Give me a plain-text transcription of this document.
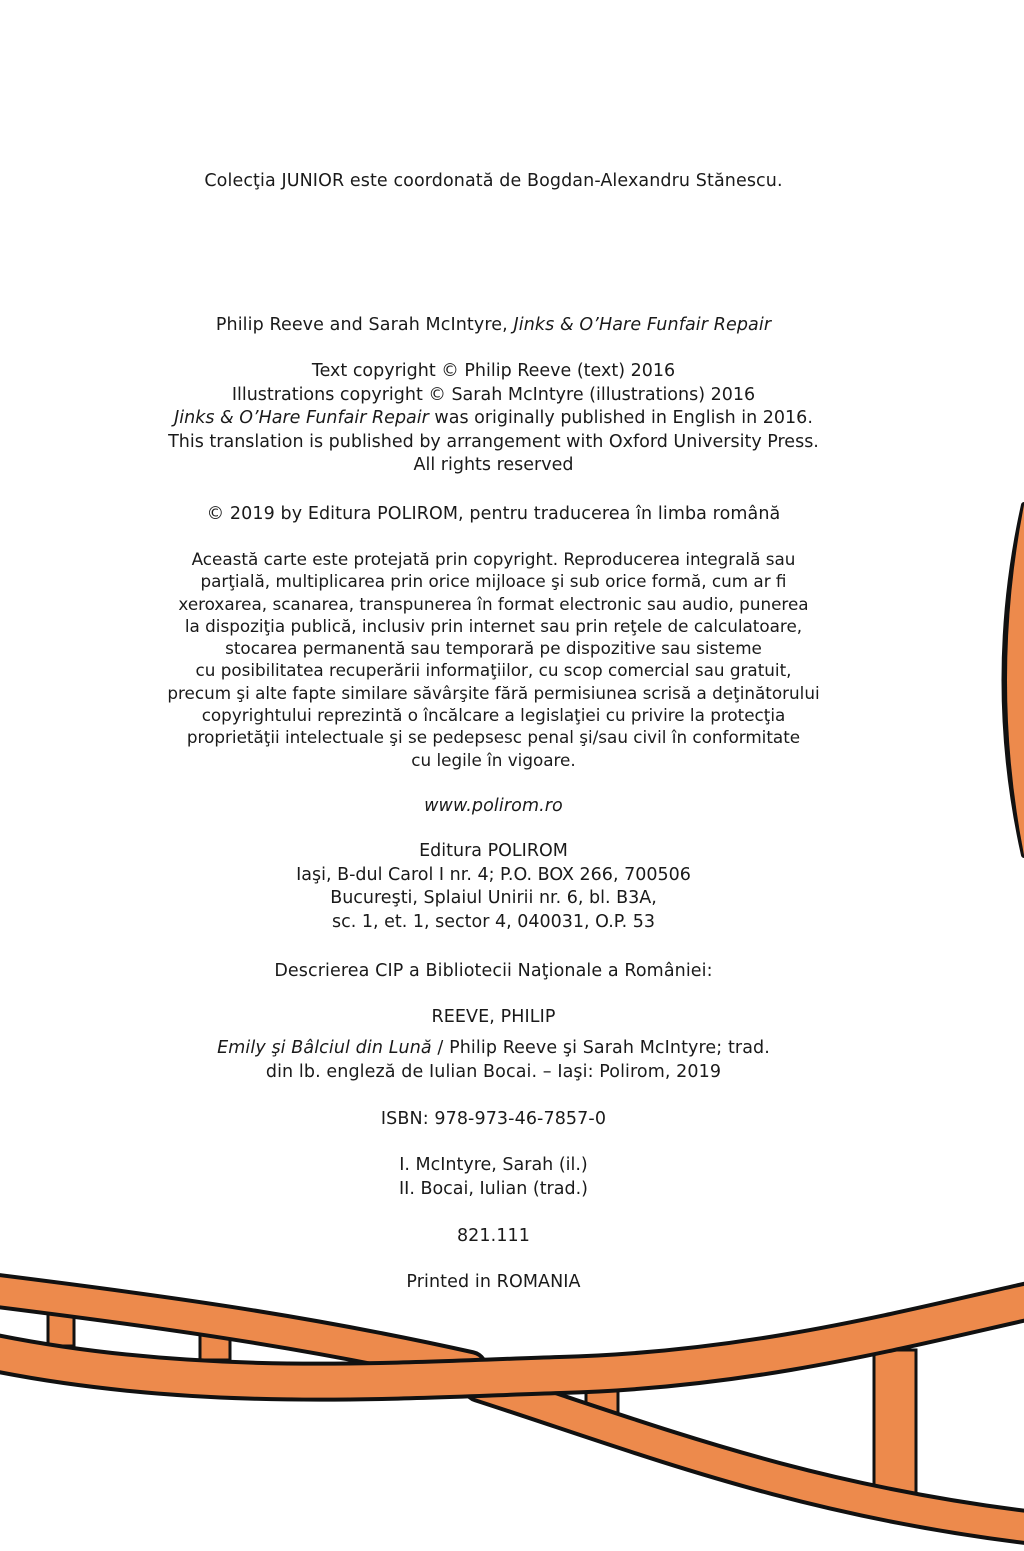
Colecţia JUNIOR este coordonată de Bogdan-Alexandru Stănescu.
Philip Reeve and Sarah McIntyre, Jinks & O’Hare Funfair Repair
Text copyright © Philip Reeve (text) 2016
Illustrations copyright © Sarah McIntyre (illustrations) 2016
Jinks & O’Hare Funfair Repair was originally published in English in 2016.
This translation is published by arrangement with Oxford University Press.
All rights reserved
© 2019 by Editura POLIROM, pentru traducerea în limba română
Această carte este protejată prin copyright. Reproducerea integrală sau
parţială, multiplicarea prin orice mijloace şi sub orice formă, cum ar fi
xeroxarea, scanarea, transpunerea în format electronic sau audio, punerea
la dispoziţia publică, inclusiv prin internet sau prin reţele de calculatoare,
stocarea permanentă sau temporară pe dispozitive sau sisteme
cu posibilitatea recuperării informaţiilor, cu scop comercial sau gratuit,
precum şi alte fapte similare săvârşite fără permisiunea scrisă a deţinătorului
copyrightului reprezintă o încălcare a legislaţiei cu privire la protecţia
proprietăţii intelectuale şi se pedepsesc penal şi/sau civil în conformitate
cu legile în vigoare.
www.polirom.ro
Editura POLIROM
Iaşi, B-dul Carol I nr. 4; P.O. BOX 266, 700506
Bucureşti, Splaiul Unirii nr. 6, bl. B3A,
sc. 1, et. 1, sector 4, 040031, O.P. 53
Descrierea CIP a Bibliotecii Naţionale a României:
REEVE, PHILIP
Emily şi Bâlciul din Lună / Philip Reeve şi Sarah McIntyre; trad.
din lb. engleză de Iulian Bocai. – Iaşi: Polirom, 2019
ISBN: 978-973-46-7857-0
I. McIntyre, Sarah (il.)
II. Bocai, Iulian (trad.)
821.111
Printed in ROMANIA
